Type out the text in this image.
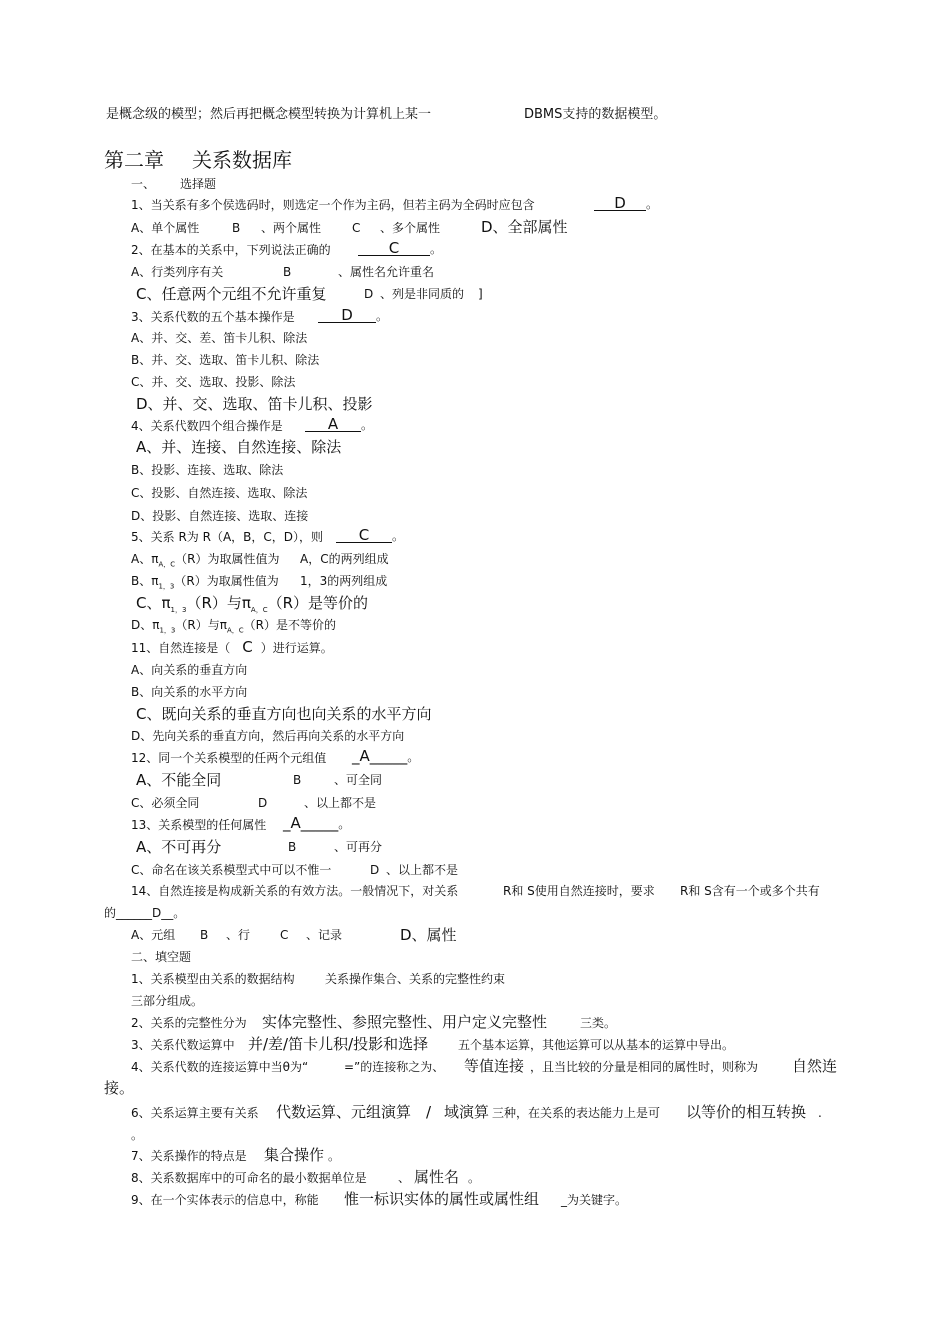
是概念级的模型；然后再把概念模型转换为计算机上某一	DBMS支持的数据模型。
第二章 关系数据库
一、 选择题
1、当关系有多个侯选码时，则选定一个作为主码，但若主码为全码时应包含	D 。
A、单个属性	B 、两个属性	C 、多个属性	D、全部属性
2、在基本的关系中，下列说法正确的	C	。
A、行类列序有关	B	、属性名允许重名
C、任意两个元组不允许重复	D 、列是非同质的 ]
3、关系代数的五个基本操作是	D 。
A、并、交、差、笛卡儿积、除法
B、并、交、选取、笛卡儿积、除法
C、并、交、选取、投影、除法
D、并、交、选取、笛卡儿积、投影
4、关系代数四个组合操作是	A 。
A、并、连接、自然连接、除法
B、投影、连接、选取、除法
C、投影、自然连接、选取、除法
D、投影、自然连接、选取、连接
5、关系 R为 R（A，B，C，D），则	C 。
A、$\pi_{A,C}(R)$为取属性值为 A，C的两列组成
B、$\pi_{1,3}(R)$为取属性值为 1，3的两列组成
C、$\pi_{1,3}(R)$与$\pi_{A,C}(R)$是等价的
D、$\pi_{1,3}(R)$与$\pi_{A,C}(R)$是不等价的
11、自然连接是（ C ）进行运算。
A、向关系的垂直方向
B、向关系的水平方向
C、既向关系的垂直方向也向关系的水平方向
D、先向关系的垂直方向，然后再向关系的水平方向
12、同一个关系模型的任两个元组值 _A_____。
A、不能全同	B	、可全同
C、必须全同	D	、以上都不是
13、关系模型的任何属性 _A_____。
A、不可再分	B	、可再分
C、命名在该关系模型式中可以不惟一	D 、以上都不是
14、自然连接是构成新关系的有效方法。一般情况下，对关系	R和 S使用自然连接时，要求 R和 S含有一个或多个共有
的______D__。
A、元组 B 、行 C 、记录	D、属性
二、填空题
1、关系模型由关系的数据结构	关系操作集合、关系的完整性约束
三部分组成。
2、关系的完整性分为 实体完整性、参照完整性、用户定义完整性	三类。
3、关系代数运算中 并/差/笛卡儿积/投影和选择 五个基本运算，其他运算可以从基本的运算中导出。
4、关系代数的连接运算中当θ为“	=”的连接称之为、 等值连接 ，且当比较的分量是相同的属性时，则称为 自然连
接。
6、关系运算主要有关系 代数运算、元组演算 / 域演算 三种，在关系的表达能力上是可 以等价的相互转换 .
。
7、关系操作的特点是 集合操作 。
8、关系数据库中的可命名的最小数据单位是	、 属性名 。
9、在一个实体表示的信息中，称能 惟一标识实体的属性或属性组 _为关键字。
